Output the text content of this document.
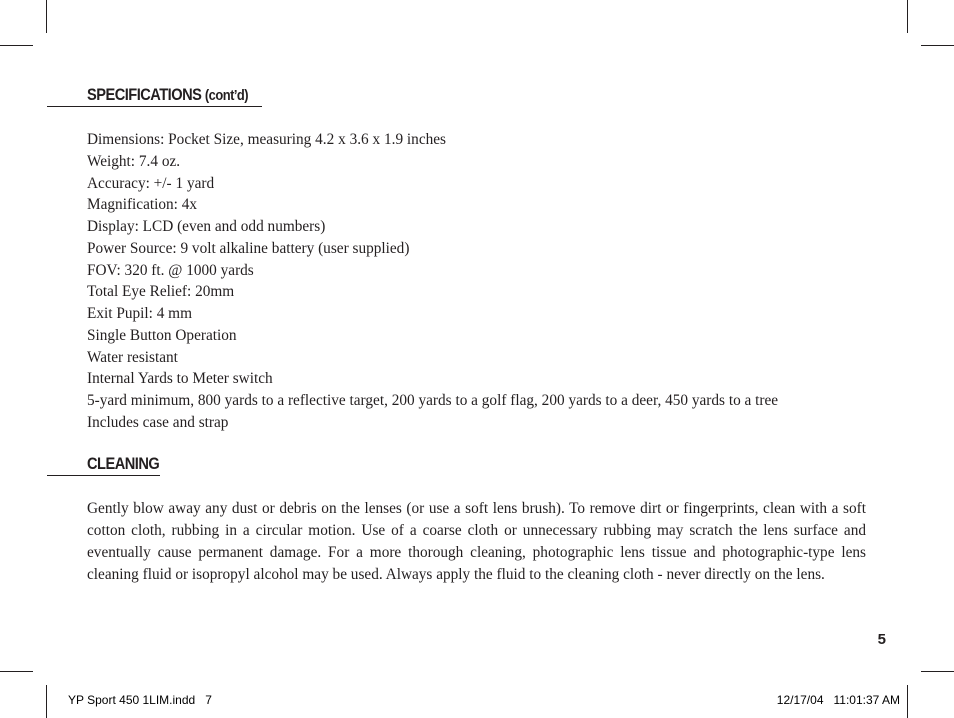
SPECIFICATIONS (cont’d)
Dimensions: Pocket Size, measuring 4.2 x 3.6 x 1.9 inches
Weight: 7.4 oz.
Accuracy: +/- 1 yard
Magnification: 4x
Display: LCD (even and odd numbers)
Power Source: 9 volt alkaline battery (user supplied)
FOV: 320 ft. @ 1000 yards
Total Eye Relief: 20mm
Exit Pupil: 4 mm
Single Button Operation
Water resistant
Internal Yards to Meter switch
5-yard minimum, 800 yards to a reflective target, 200 yards to a golf flag, 200 yards to a deer, 450 yards to a tree
Includes case and strap
CLEANING

Gently blow away any dust or debris on the lenses (or use a soft lens brush). To remove dirt or fingerprints, clean with a soft cotton cloth, rubbing in a circular motion. Use of a coarse cloth or unnecessary rubbing may scratch the lens surface and eventually cause permanent damage. For a more thorough cleaning, photographic lens tissue and photographic-type lens cleaning fluid or isopropyl alcohol may be used. Always apply the fluid to the cleaning cloth - never directly on the lens.

5
YP Sport 450 1LIM.indd   7	12/17/04   11:01:37 AM
